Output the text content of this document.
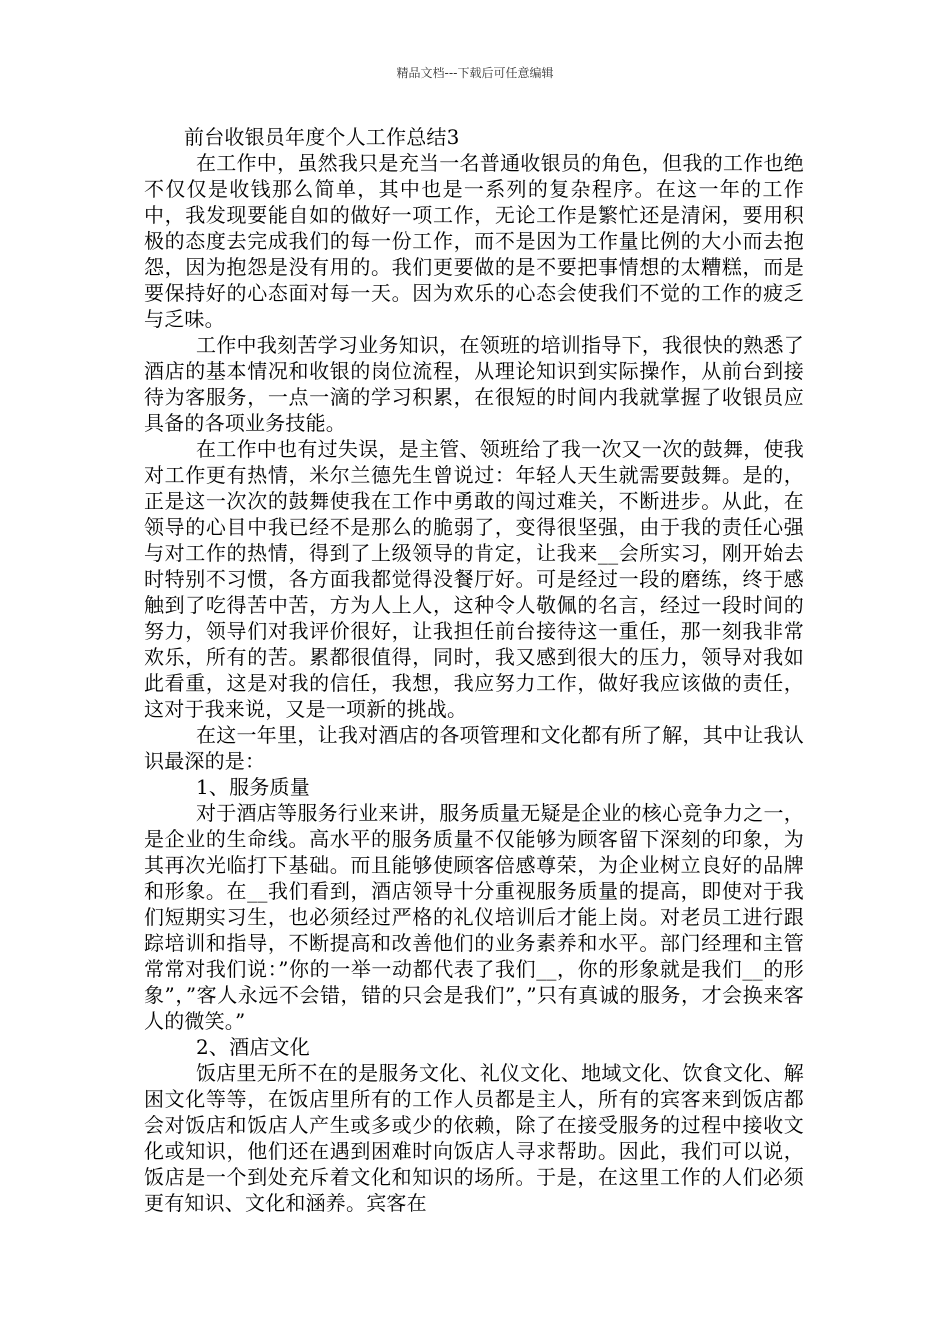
精品文档---下载后可任意编辑

前台收银员年度个人工作总结3

在工作中，虽然我只是充当一名普通收银员的角色，但我的工作也绝不仅仅是收钱那么简单，其中也是一系列的复杂程序。在这一年的工作中，我发现要能自如的做好一项工作，无论工作是繁忙还是清闲，要用积极的态度去完成我们的每一份工作，而不是因为工作量比例的大小而去抱怨，因为抱怨是没有用的。我们更要做的是不要把事情想的太糟糕，而是要保持好的心态面对每一天。因为欢乐的心态会使我们不觉的工作的疲乏与乏味。

工作中我刻苦学习业务知识，在领班的培训指导下，我很快的熟悉了酒店的基本情况和收银的岗位流程，从理论知识到实际操作，从前台到接待为客服务，一点一滴的学习积累，在很短的时间内我就掌握了收银员应具备的各项业务技能。

在工作中也有过失误，是主管、领班给了我一次又一次的鼓舞，使我对工作更有热情，米尔兰德先生曾说过：年轻人天生就需要鼓舞。是的，正是这一次次的鼓舞使我在工作中勇敢的闯过难关，不断进步。从此，在领导的心目中我已经不是那么的脆弱了，变得很坚强，由于我的责任心强与对工作的热情，得到了上级领导的肯定，让我来__会所实习，刚开始去时特别不习惯，各方面我都觉得没餐厅好。可是经过一段的磨练，终于感触到了吃得苦中苦，方为人上人，这种令人敬佩的名言，经过一段时间的努力，领导们对我评价很好，让我担任前台接待这一重任，那一刻我非常欢乐，所有的苦。累都很值得，同时，我又感到很大的压力，领导对我如此看重，这是对我的信任，我想，我应努力工作，做好我应该做的责任，这对于我来说，又是一项新的挑战。

在这一年里，让我对酒店的各项管理和文化都有所了解，其中让我认识最深的是：

1、服务质量

对于酒店等服务行业来讲，服务质量无疑是企业的核心竞争力之一，是企业的生命线。高水平的服务质量不仅能够为顾客留下深刻的印象，为其再次光临打下基础。而且能够使顾客倍感尊荣，为企业树立良好的品牌和形象。在__我们看到，酒店领导十分重视服务质量的提高，即使对于我们短期实习生，也必须经过严格的礼仪培训后才能上岗。对老员工进行跟踪培训和指导，不断提高和改善他们的业务素养和水平。部门经理和主管常常对我们说：”你的一举一动都代表了我们__，你的形象就是我们__的形象”，”客人永远不会错，错的只会是我们”，”只有真诚的服务，才会换来客人的微笑。”

2、酒店文化

饭店里无所不在的是服务文化、礼仪文化、地域文化、饮食文化、解困文化等等，在饭店里所有的工作人员都是主人，所有的宾客来到饭店都会对饭店和饭店人产生或多或少的依赖，除了在接受服务的过程中接收文化或知识，他们还在遇到困难时向饭店人寻求帮助。因此，我们可以说，饭店是一个到处充斥着文化和知识的场所。于是，在这里工作的人们必须更有知识、文化和涵养。宾客在
